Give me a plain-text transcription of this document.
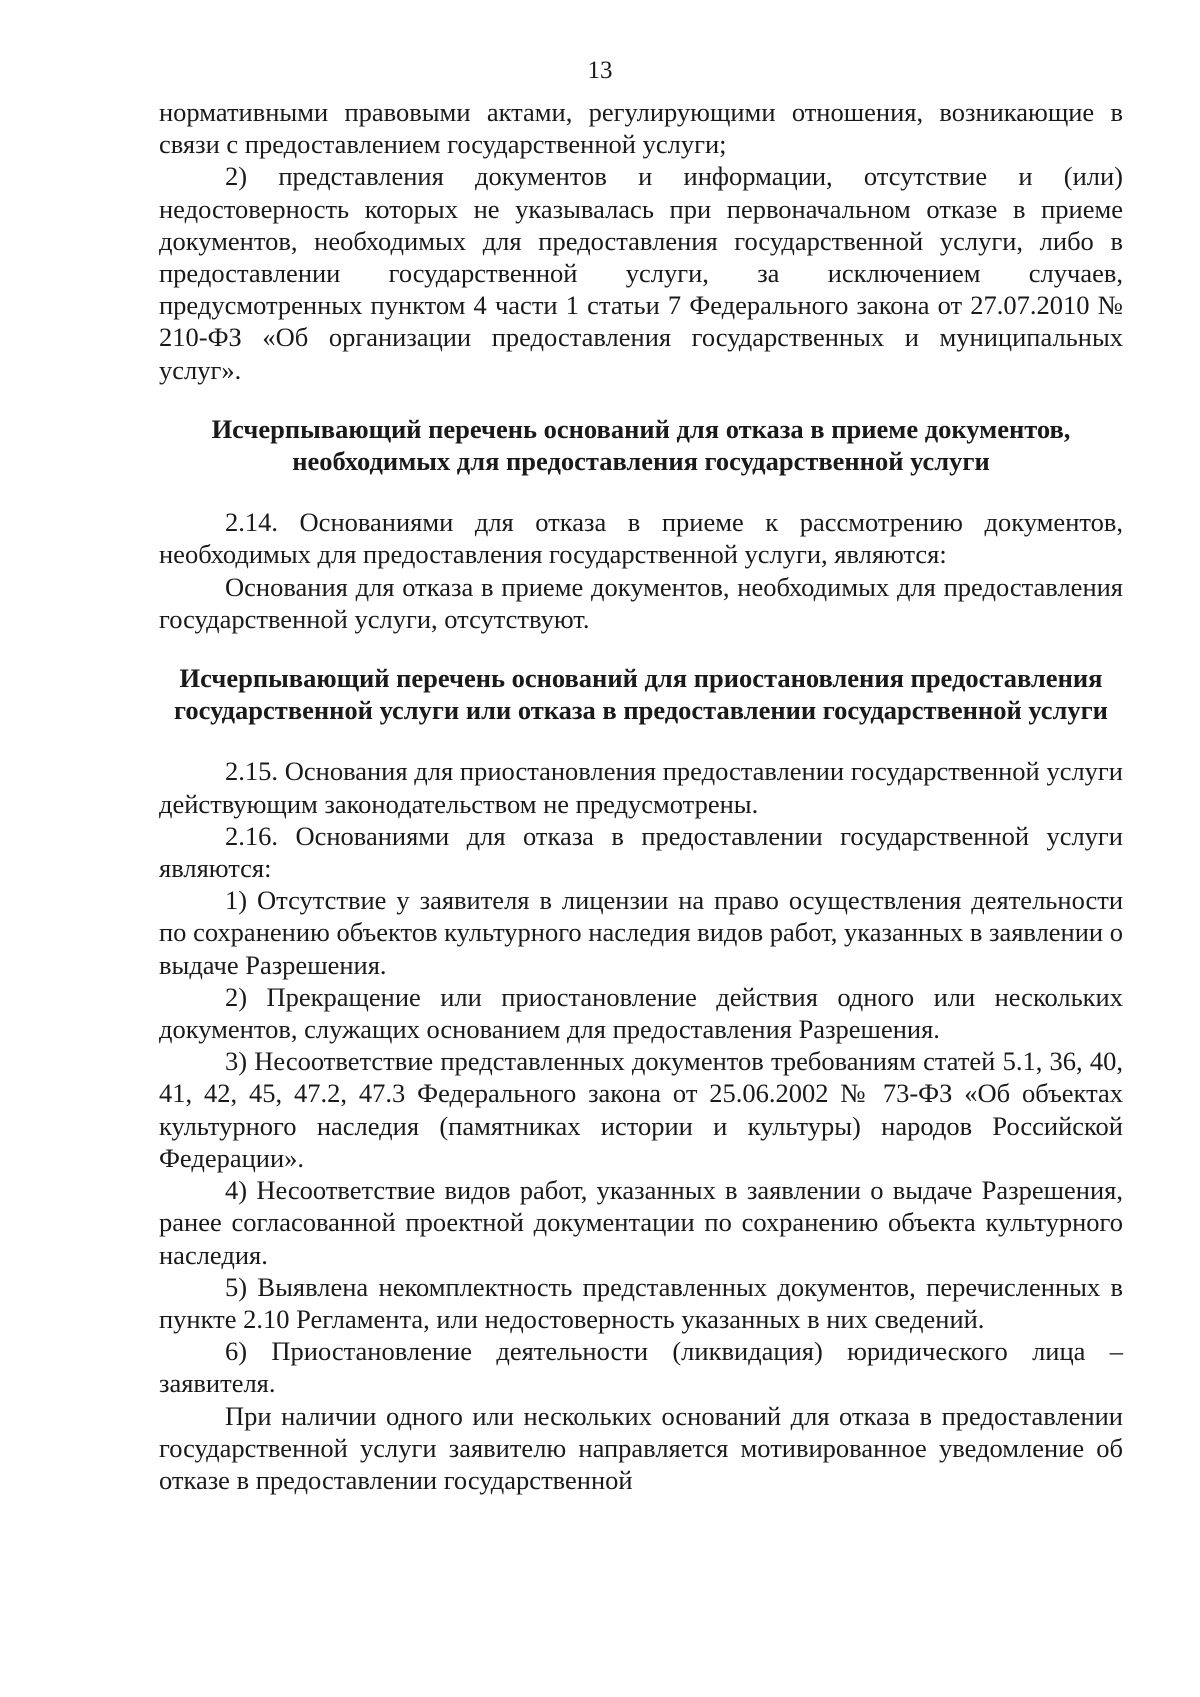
13

нормативными правовыми актами, регулирующими отношения, возникающие в связи с предоставлением государственной услуги;

2) представления документов и информации, отсутствие и (или) недостоверность которых не указывалась при первоначальном отказе в приеме документов, необходимых для предоставления государственной услуги, либо в предоставлении государственной услуги, за исключением случаев, предусмотренных пунктом 4 части 1 статьи 7 Федерального закона от 27.07.2010 № 210-ФЗ «Об организации предоставления государственных и муниципальных услуг».

Исчерпывающий перечень оснований для отказа в приеме документов, необходимых для предоставления государственной услуги

2.14. Основаниями для отказа в приеме к рассмотрению документов, необходимых для предоставления государственной услуги, являются:

Основания для отказа в приеме документов, необходимых для предоставления государственной услуги, отсутствуют.

Исчерпывающий перечень оснований для приостановления предоставления государственной услуги или отказа в предоставлении государственной услуги

2.15. Основания для приостановления предоставлении государственной услуги действующим законодательством не предусмотрены.

2.16. Основаниями для отказа в предоставлении государственной услуги являются:

1) Отсутствие у заявителя в лицензии на право осуществления деятельности по сохранению объектов культурного наследия видов работ, указанных в заявлении о выдаче Разрешения.

2) Прекращение или приостановление действия одного или нескольких документов, служащих основанием для предоставления Разрешения.

3) Несоответствие представленных документов требованиям статей 5.1, 36, 40, 41, 42, 45, 47.2, 47.3 Федерального закона от 25.06.2002 № 73-ФЗ «Об объектах культурного наследия (памятниках истории и культуры) народов Российской Федерации».

4) Несоответствие видов работ, указанных в заявлении о выдаче Разрешения, ранее согласованной проектной документации по сохранению объекта культурного наследия.

5) Выявлена некомплектность представленных документов, перечисленных в пункте 2.10 Регламента, или недостоверность указанных в них сведений.

6) Приостановление деятельности (ликвидация) юридического лица – заявителя.

При наличии одного или нескольких оснований для отказа в предоставлении государственной услуги заявителю направляется мотивированное уведомление об отказе в предоставлении государственной
